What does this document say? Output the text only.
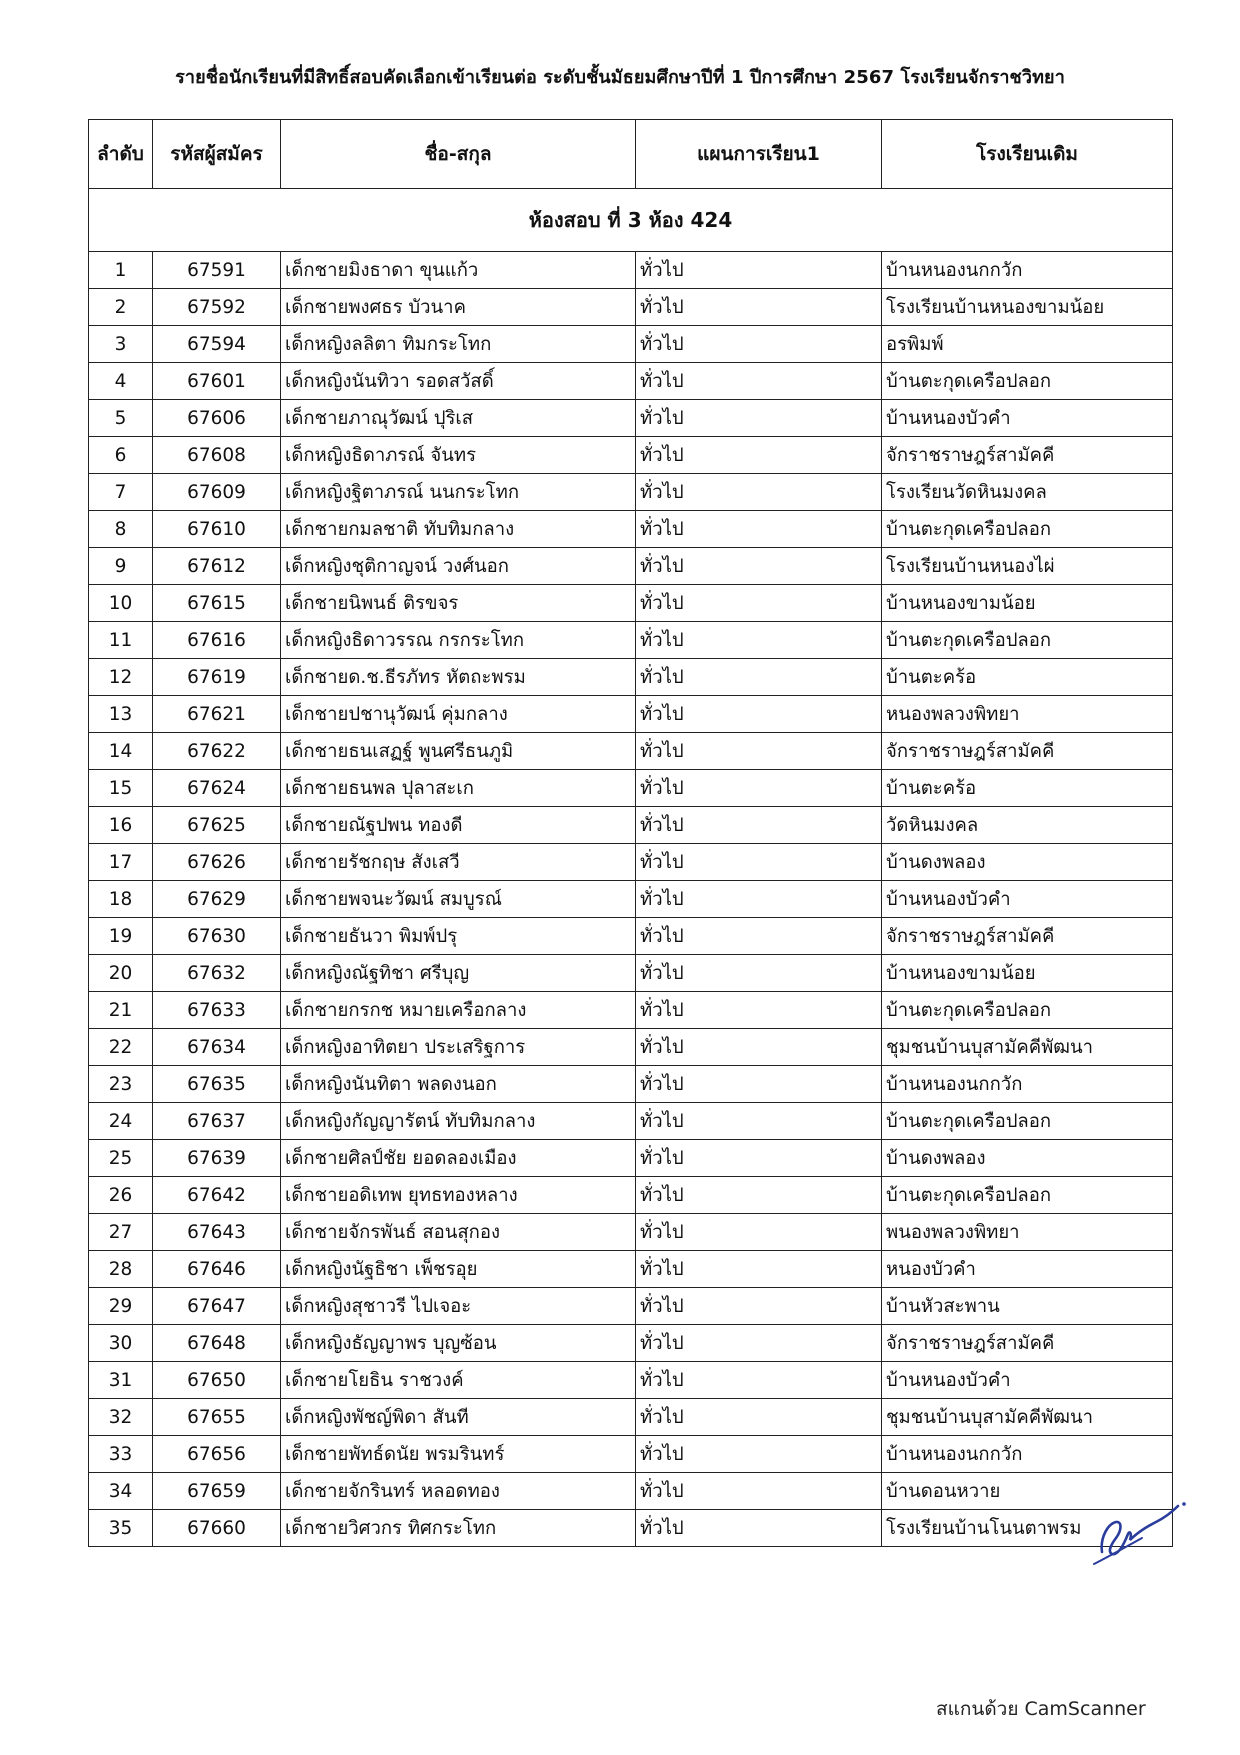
รายชื่อนักเรียนที่มีสิทธิ์สอบคัดเลือกเข้าเรียนต่อ ระดับชั้นมัธยมศึกษาปีที่ 1 ปีการศึกษา 2567 โรงเรียนจักราชวิทยา
ลำดับ	รหัสผู้สมัคร	ชื่อ-สกุล	แผนการเรียน1	โรงเรียนเดิม
ห้องสอบ ที่ 3 ห้อง 424				
1	67591	เด็กชายมิงธาดา ขุนแก้ว	ทั่วไป	บ้านหนองนกกวัก
2	67592	เด็กชายพงศธร บัวนาค	ทั่วไป	โรงเรียนบ้านหนองขามน้อย
3	67594	เด็กหญิงลลิตา ทิมกระโทก	ทั่วไป	อรพิมพ์
4	67601	เด็กหญิงนันทิวา รอดสวัสดิ์	ทั่วไป	บ้านตะกุดเครือปลอก
5	67606	เด็กชายภาณุวัฒน์ ปุริเส	ทั่วไป	บ้านหนองบัวคำ
6	67608	เด็กหญิงธิดาภรณ์ จันทร	ทั่วไป	จักราชราษฎร์สามัคคี
7	67609	เด็กหญิงฐิตาภรณ์ นนกระโทก	ทั่วไป	โรงเรียนวัดหินมงคล
8	67610	เด็กชายกมลชาติ ทับทิมกลาง	ทั่วไป	บ้านตะกุดเครือปลอก
9	67612	เด็กหญิงชุติกาญจน์ วงศ์นอก	ทั่วไป	โรงเรียนบ้านหนองไผ่
10	67615	เด็กชายนิพนธ์ ติรขจร	ทั่วไป	บ้านหนองขามน้อย
11	67616	เด็กหญิงธิดาวรรณ กรกระโทก	ทั่วไป	บ้านตะกุดเครือปลอก
12	67619	เด็กชายด.ช.ธีรภัทร หัตถะพรม	ทั่วไป	บ้านตะคร้อ
13	67621	เด็กชายปชานุวัฒน์ คุ่มกลาง	ทั่วไป	หนองพลวงพิทยา
14	67622	เด็กชายธนเสฏฐ์ พูนศรีธนภูมิ	ทั่วไป	จักราชราษฎร์สามัคคี
15	67624	เด็กชายธนพล ปุลาสะเก	ทั่วไป	บ้านตะคร้อ
16	67625	เด็กชายณัฐปพน ทองดี	ทั่วไป	วัดหินมงคล
17	67626	เด็กชายรัชกฤษ สังเสวี	ทั่วไป	บ้านดงพลอง
18	67629	เด็กชายพจนะวัฒน์ สมบูรณ์	ทั่วไป	บ้านหนองบัวคำ
19	67630	เด็กชายธันวา พิมพ์ปรุ	ทั่วไป	จักราชราษฎร์สามัคคี
20	67632	เด็กหญิงณัฐทิชา ศรีบุญ	ทั่วไป	บ้านหนองขามน้อย
21	67633	เด็กชายกรกช หมายเครือกลาง	ทั่วไป	บ้านตะกุดเครือปลอก
22	67634	เด็กหญิงอาทิตยา ประเสริฐการ	ทั่วไป	ชุมชนบ้านบุสามัคคีพัฒนา
23	67635	เด็กหญิงนันทิตา พลดงนอก	ทั่วไป	บ้านหนองนกกวัก
24	67637	เด็กหญิงกัญญารัตน์ ทับทิมกลาง	ทั่วไป	บ้านตะกุดเครือปลอก
25	67639	เด็กชายศิลป์ชัย ยอดลองเมือง	ทั่วไป	บ้านดงพลอง
26	67642	เด็กชายอดิเทพ ยุทธทองหลาง	ทั่วไป	บ้านตะกุดเครือปลอก
27	67643	เด็กชายจักรพันธ์ สอนสุกอง	ทั่วไป	พนองพลวงพิทยา
28	67646	เด็กหญิงนัฐธิชา เพ็ชรอุย	ทั่วไป	หนองบัวคำ
29	67647	เด็กหญิงสุชาวรี ไปเจอะ	ทั่วไป	บ้านหัวสะพาน
30	67648	เด็กหญิงธัญญาพร บุญซ้อน	ทั่วไป	จักราชราษฎร์สามัคคี
31	67650	เด็กชายโยธิน ราชวงค์	ทั่วไป	บ้านหนองบัวคำ
32	67655	เด็กหญิงพัชญ์พิดา สันที	ทั่วไป	ชุมชนบ้านบุสามัคคีพัฒนา
33	67656	เด็กชายพัทธ์ดนัย พรมรินทร์	ทั่วไป	บ้านหนองนกกวัก
34	67659	เด็กชายจักรินทร์ หลอดทอง	ทั่วไป	บ้านดอนหวาย
35	67660	เด็กชายวิศวกร ทิศกระโทก	ทั่วไป	โรงเรียนบ้านโนนตาพรม
สแกนด้วย CamScanner
